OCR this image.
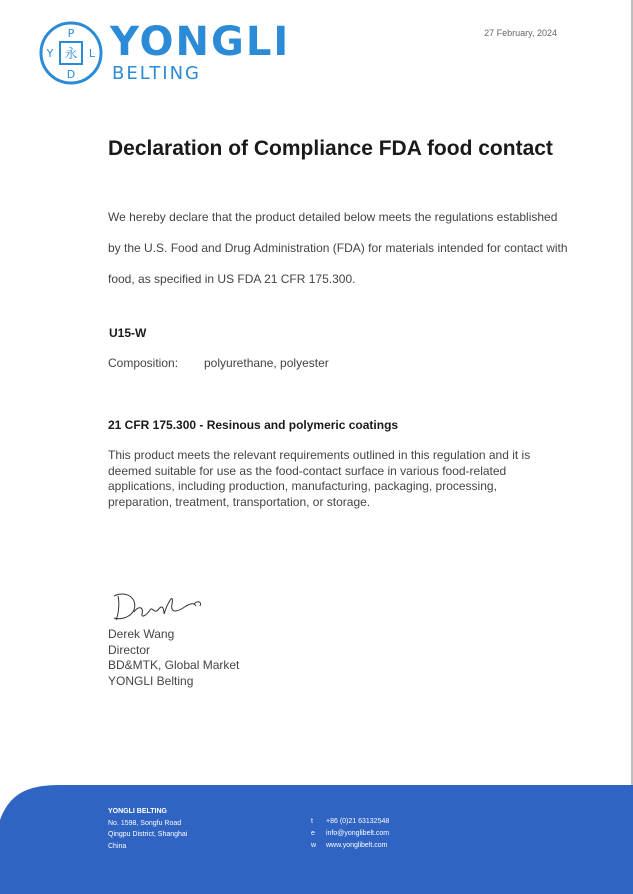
P
Y 永 L
D
YONGLI
BELTING
27 February, 2024
Declaration of Compliance FDA food contact
We hereby declare that the product detailed below meets the regulations established by the U.S. Food and Drug Administration (FDA) for materials intended for contact with food, as specified in US FDA 21 CFR 175.300.
U15-W
Composition: polyurethane, polyester
21 CFR 175.300 - Resinous and polymeric coatings
This product meets the relevant requirements outlined in this regulation and it is deemed suitable for use as the food-contact surface in various food-related applications, including production, manufacturing, packaging, processing, preparation, treatment, transportation, or storage.
Derek Wang
Director
BD&MTK, Global Market
YONGLI Belting
YONGLI BELTING
No. 1598, Songfu Road
Qingpu District, Shanghai
China
t +86 (0)21 63132548
e info@yonglibelt.com
w www.yonglibelt.com
